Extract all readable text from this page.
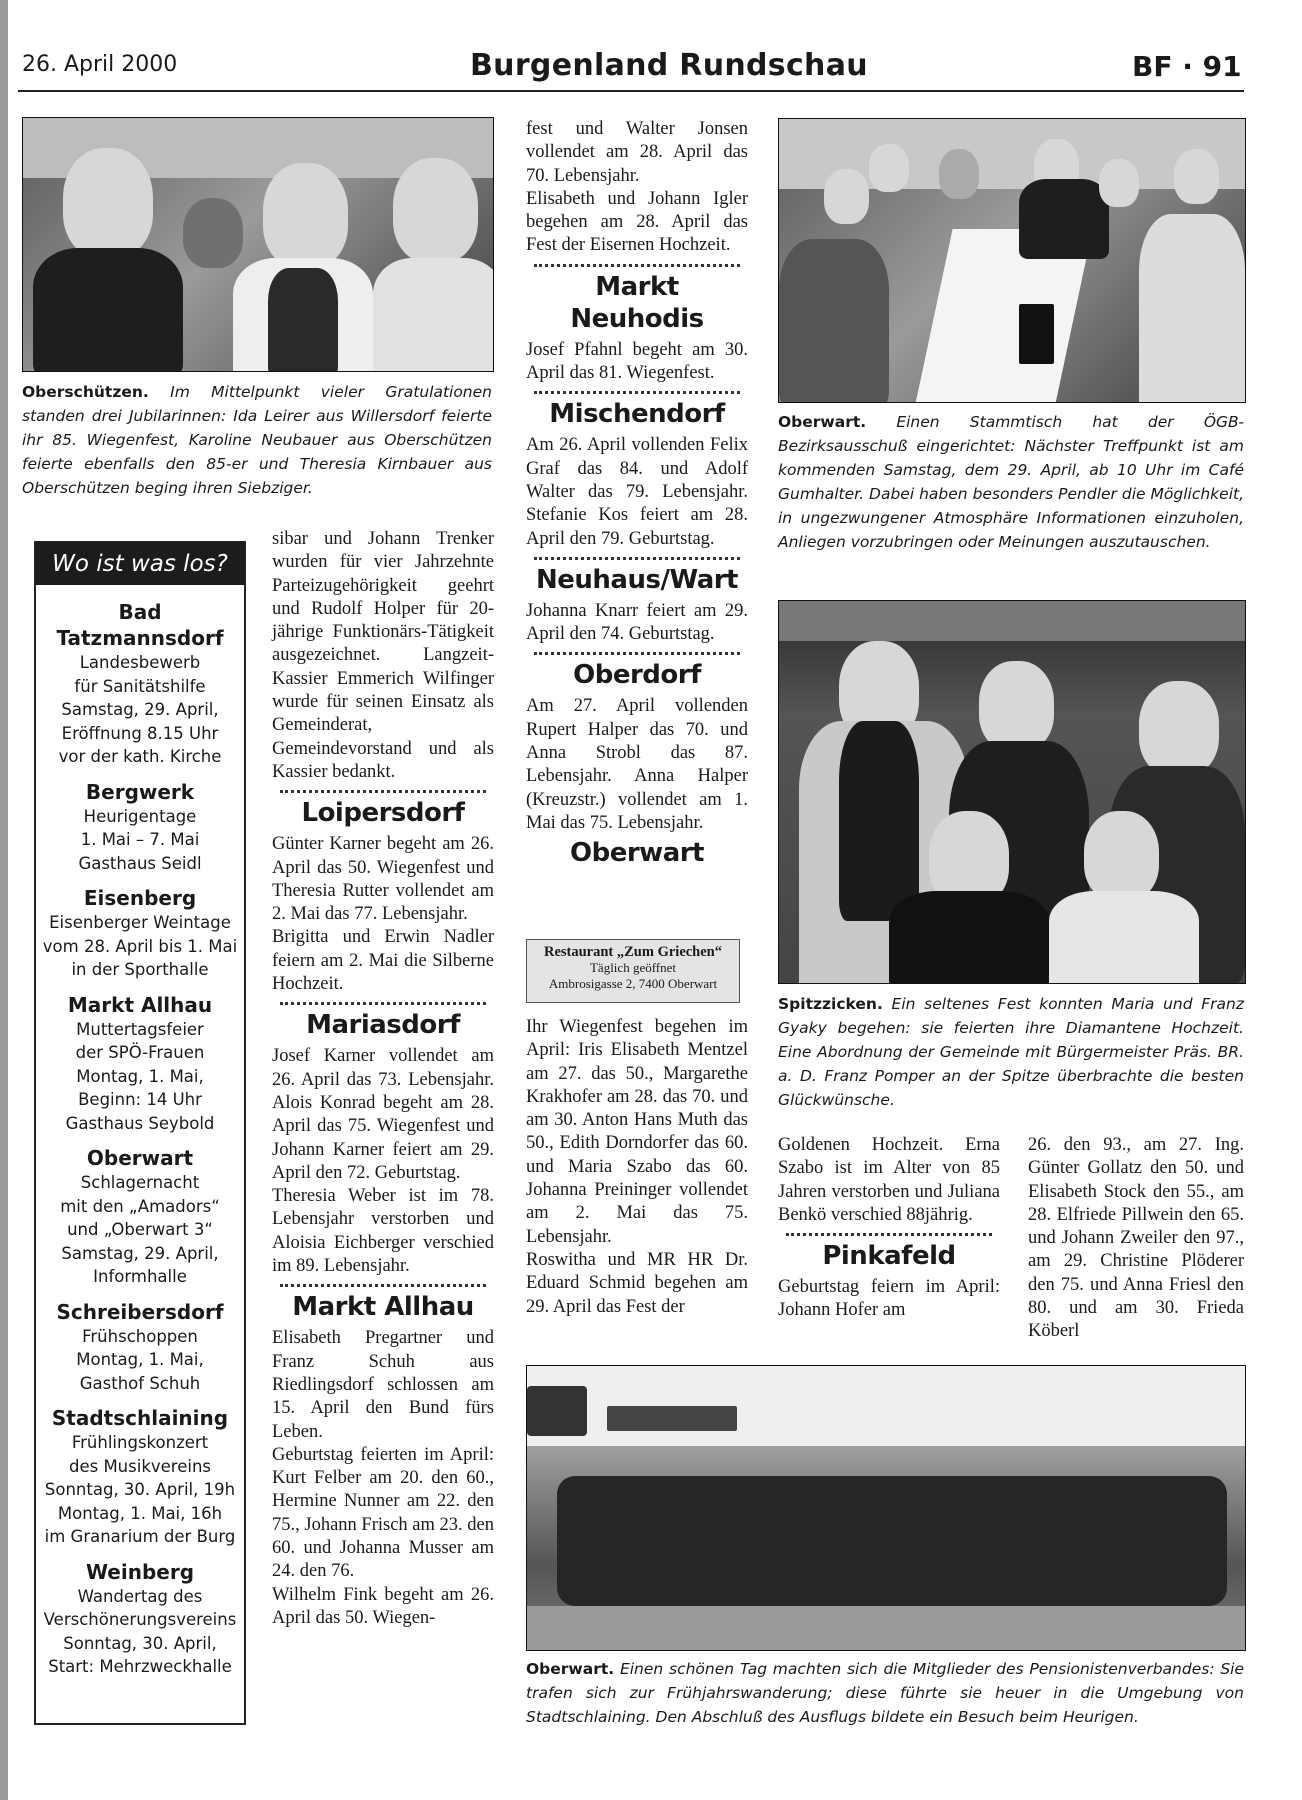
26. April 2000	Burgenland Rundschau	BF · 91
Oberschützen. Im Mittelpunkt vieler Gratulationen standen drei Jubilarinnen: Ida Leirer aus Willersdorf feierte ihr 85. Wiegenfest, Karoline Neubauer aus Oberschützen feierte ebenfalls den 85-er und Theresia Kirnbauer aus Oberschützen beging ihren Siebziger.
Wo ist was los?
Bad Tatzmannsdorf
Landesbewerb
für Sanitätshilfe
Samstag, 29. April,
Eröffnung 8.15 Uhr
vor der kath. Kirche
Bergwerk
Heurigentage
1. Mai – 7. Mai
Gasthaus Seidl
Eisenberg
Eisenberger Weintage
vom 28. April bis 1. Mai
in der Sporthalle
Markt Allhau
Muttertagsfeier
der SPÖ-Frauen
Montag, 1. Mai,
Beginn: 14 Uhr
Gasthaus Seybold
Oberwart
Schlagernacht
mit den „Amadors“
und „Oberwart 3“
Samstag, 29. April,
Informhalle
Schreibersdorf
Frühschoppen
Montag, 1. Mai,
Gasthof Schuh
Stadtschlaining
Frühlingskonzert
des Musikvereins
Sonntag, 30. April, 19h
Montag, 1. Mai, 16h
im Granarium der Burg
Weinberg
Wandertag des
Verschönerungsvereins
Sonntag, 30. April,
Start: Mehrzweckhalle

sibar und Johann Trenker wurden für vier Jahrzehnte Parteizugehörigkeit geehrt und Rudolf Holper für 20-jährige Funktionärs-Tätigkeit ausgezeichnet. Langzeit-Kassier Emmerich Wilfinger wurde für seinen Einsatz als Gemeinderat, Gemeindevorstand und als Kassier bedankt.

Loipersdorf

Günter Karner begeht am 26. April das 50. Wiegenfest und Theresia Rutter vollendet am 2. Mai das 77. Lebensjahr.

Brigitta und Erwin Nadler feiern am 2. Mai die Silberne Hochzeit.

Mariasdorf

Josef Karner vollendet am 26. April das 73. Lebensjahr. Alois Konrad begeht am 28. April das 75. Wiegenfest und Johann Karner feiert am 29. April den 72. Geburtstag.

Theresia Weber ist im 78. Lebensjahr verstorben und Aloisia Eichberger verschied im 89. Lebensjahr.

Markt Allhau

Elisabeth Pregartner und Franz Schuh aus Riedlingsdorf schlossen am 15. April den Bund fürs Leben.

Geburtstag feierten im April: Kurt Felber am 20. den 60., Hermine Nunner am 22. den 75., Johann Frisch am 23. den 60. und Johanna Musser am 24. den 76.

Wilhelm Fink begeht am 26. April das 50. Wiegen-

fest und Walter Jonsen vollendet am 28. April das 70. Lebensjahr.

Elisabeth und Johann Igler begehen am 28. April das Fest der Eisernen Hochzeit.

Markt Neuhodis

Josef Pfahnl begeht am 30. April das 81. Wiegenfest.

Mischendorf

Am 26. April vollenden Felix Graf das 84. und Adolf Walter das 79. Lebensjahr. Stefanie Kos feiert am 28. April den 79. Geburtstag.

Neuhaus/Wart

Johanna Knarr feiert am 29. April den 74. Geburtstag.

Oberdorf

Am 27. April vollenden Rupert Halper das 70. und Anna Strobl das 87. Lebensjahr. Anna Halper (Kreuzstr.) vollendet am 1. Mai das 75. Lebensjahr.

Oberwart
Restaurant „Zum Griechen“
Täglich geöffnet
Ambrosigasse 2, 7400 Oberwart

Ihr Wiegenfest begehen im April: Iris Elisabeth Mentzel am 27. das 50., Margarethe Krakhofer am 28. das 70. und am 30. Anton Hans Muth das 50., Edith Dorndorfer das 60. und Maria Szabo das 60. Johanna Preininger vollendet am 2. Mai das 75. Lebensjahr.

Roswitha und MR HR Dr. Eduard Schmid begehen am 29. April das Fest der

Oberwart. Einen Stammtisch hat der ÖGB-Bezirksausschuß eingerichtet: Nächster Treffpunkt ist am kommenden Samstag, dem 29. April, ab 10 Uhr im Café Gumhalter. Dabei haben besonders Pendler die Möglichkeit, in ungezwungener Atmosphäre Informationen einzuholen, Anliegen vorzubringen oder Meinungen auszutauschen.
Spitzzicken. Ein seltenes Fest konnten Maria und Franz Gyaky begehen: sie feierten ihre Diamantene Hochzeit. Eine Abordnung der Gemeinde mit Bürgermeister Präs. BR. a. D. Franz Pomper an der Spitze überbrachte die besten Glückwünsche.

Goldenen Hochzeit. Erna Szabo ist im Alter von 85 Jahren verstorben und Juliana Benkö verschied 88jährig.

Pinkafeld

Geburtstag feiern im April: Johann Hofer am

26. den 93., am 27. Ing. Günter Gollatz den 50. und Elisabeth Stock den 55., am 28. Elfriede Pillwein den 65. und Johann Zweiler den 97., am 29. Christine Plöderer den 75. und Anna Friesl den 80. und am 30. Frieda Köberl

Oberwart. Einen schönen Tag machten sich die Mitglieder des Pensionistenverbandes: Sie trafen sich zur Frühjahrswanderung; diese führte sie heuer in die Umgebung von Stadtschlaining. Den Abschluß des Ausflugs bildete ein Besuch beim Heurigen.
